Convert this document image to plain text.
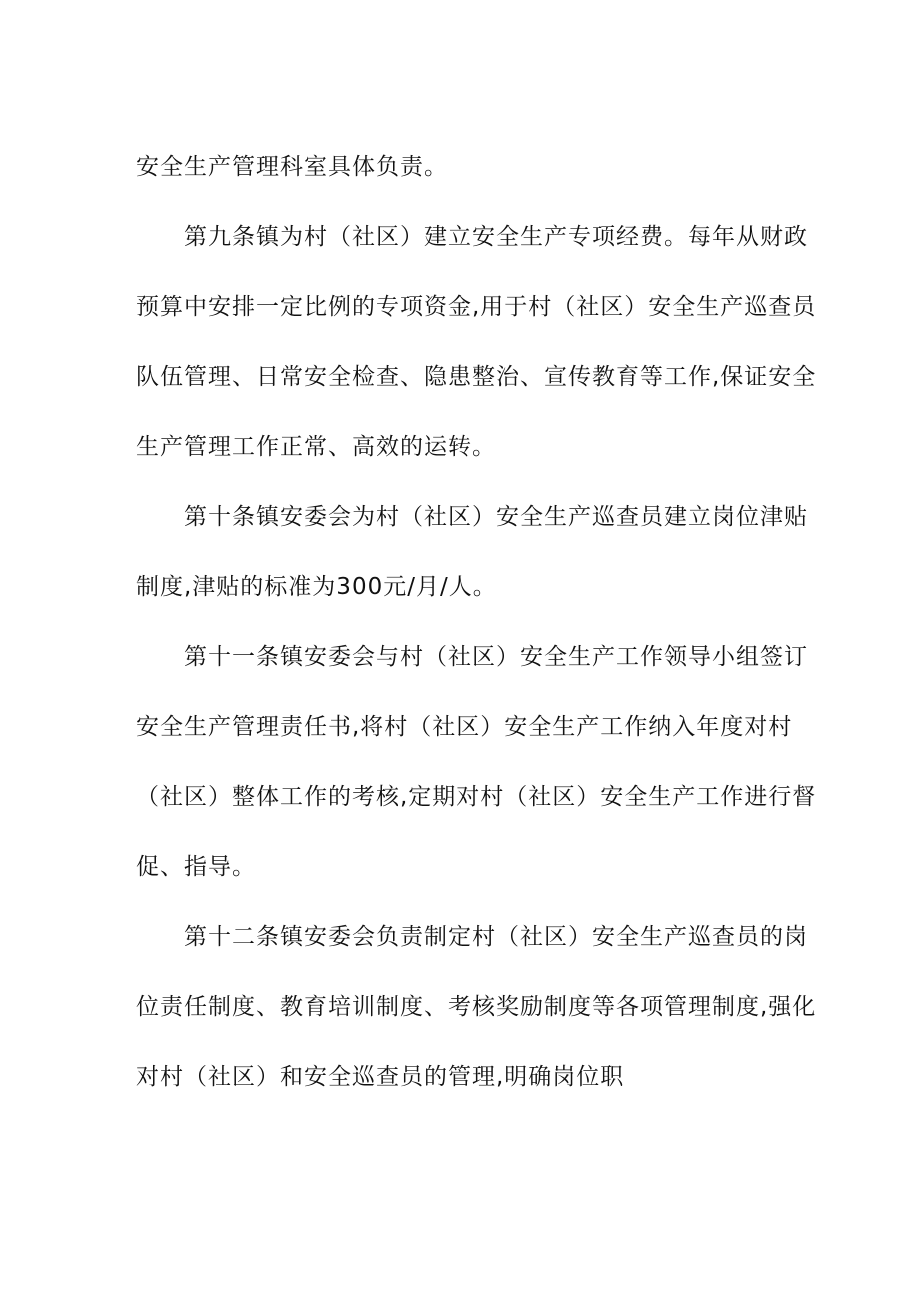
安全生产管理科室具体负责。
第九条镇为村（社区）建立安全生产专项经费。每年从财政
预算中安排一定比例的专项资金,用于村（社区）安全生产巡查员
队伍管理、日常安全检查、隐患整治、宣传教育等工作,保证安全
生产管理工作正常、高效的运转。
第十条镇安委会为村（社区）安全生产巡查员建立岗位津贴
制度,津贴的标准为300元/月/人。
第十一条镇安委会与村（社区）安全生产工作领导小组签订
安全生产管理责任书,将村（社区）安全生产工作纳入年度对村
（社区）整体工作的考核,定期对村（社区）安全生产工作进行督
促、指导。
第十二条镇安委会负责制定村（社区）安全生产巡查员的岗
位责任制度、教育培训制度、考核奖励制度等各项管理制度,强化
对村（社区）和安全巡查员的管理,明确岗位职
